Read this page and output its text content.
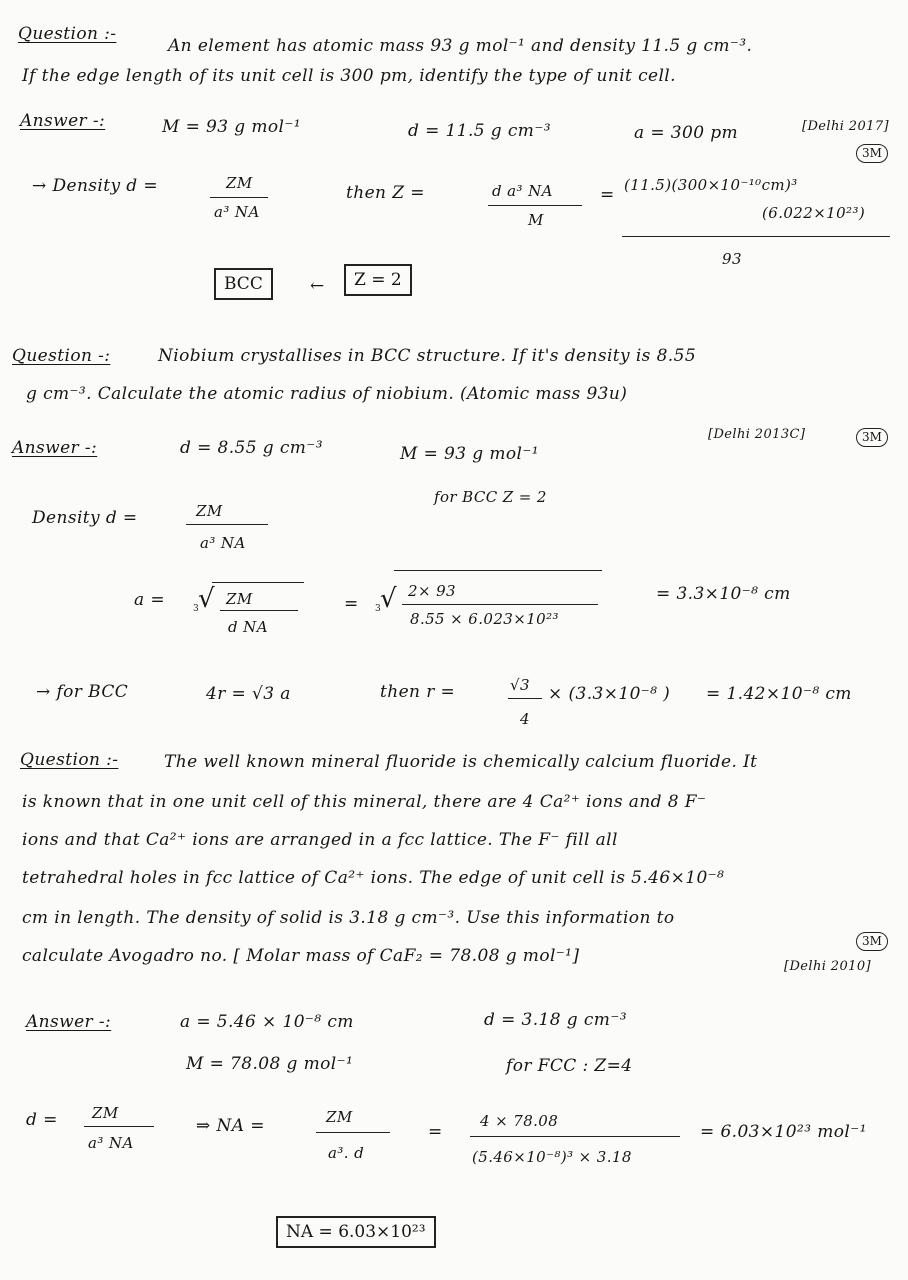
Question :-
An element has atomic mass 93 g mol⁻¹ and density 11.5 g cm⁻³.
If the edge length of its unit cell is 300 pm, identify the type of unit cell.
Answer -:	M = 93 g mol⁻¹	d = 11.5 g cm⁻³	a = 300 pm	[Delhi 2017]
3M
→ Density d =	ZM
a³ NA
then Z =	d a³ NA
M
= (11.5)(300×10⁻¹⁰cm)³
(6.022×10²³)
93
BCC	←	Z = 2
Question -:	Niobium crystallises in BCC structure. If it's density is 8.55
g cm⁻³. Calculate the atomic radius of niobium. (Atomic mass 93u)
Answer -:	d = 8.55 g cm⁻³	M = 93 g mol⁻¹
[Delhi 2013C]	3M
for BCC Z = 2
Density d =	ZM
a³ NA
a = √
3
ZM
d NA
= √
3
2× 93
8.55 × 6.023×10²³
= 3.3×10⁻⁸ cm
→ for BCC	4r = √3 a	then r =	√3
4
× (3.3×10⁻⁸ ) = 1.42×10⁻⁸ cm
Question :-	The well known mineral fluoride is chemically calcium fluoride. It
is known that in one unit cell of this mineral, there are 4 Ca²⁺ ions and 8 F⁻
ions and that Ca²⁺ ions are arranged in a fcc lattice. The F⁻ fill all
tetrahedral holes in fcc lattice of Ca²⁺ ions. The edge of unit cell is 5.46×10⁻⁸
cm in length. The density of solid is 3.18 g cm⁻³. Use this information to
calculate Avogadro no. [ Molar mass of CaF₂ = 78.08 g mol⁻¹]
3M
[Delhi 2010]
Answer -:	a = 5.46 × 10⁻⁸ cm	d = 3.18 g cm⁻³
M = 78.08 g mol⁻¹	for FCC : Z=4
d = ZM
a³ NA
⇒ NA =	ZM
a³. d
=
4 × 78.08
(5.46×10⁻⁸)³ × 3.18
= 6.03×10²³ mol⁻¹
NA = 6.03×10²³
